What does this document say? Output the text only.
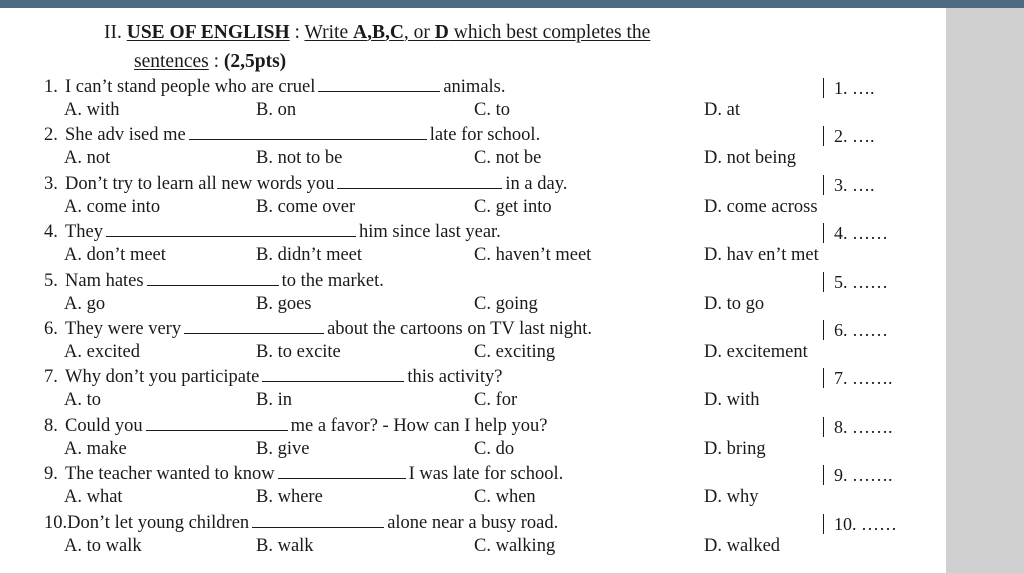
II. USE OF ENGLISH : Write A,B,C, or D which best completes the
sentences : (2,5pts)
1. I can’t stand people who are cruel	animals.
A. with	B. on	C. to	D. at
1. ….
2. She adv ised me	late for school.
A. not	B. not to be	C. not be	D. not being
2. ….
3. Don’t try to learn all new words you	in a day.
A. come into	B. come over	C. get into	D. come across
3. ….
4. They	him since last year.
A. don’t meet	B. didn’t meet	C. haven’t meet	D. hav en’t met
4. ……
5. Nam hates	to the market.
A. go	B. goes	C. going	D. to go
5. ……
6. They were very	about the cartoons on TV last night.
A. excited	B. to excite	C. exciting	D. excitement
6. ……
7. Why don’t you participate	this activity?
A. to	B. in	C. for	D. with
7. …….
8. Could you	me a favor? - How can I help you?
A. make	B. give	C. do	D. bring
8. …….
9. The teacher wanted to know	I was late for school.
A. what	B. where	C. when	D. why
9. …….
10.Don’t let young children	alone near a busy road.
A. to walk	B. walk	C. walking	D. walked
10. ……
